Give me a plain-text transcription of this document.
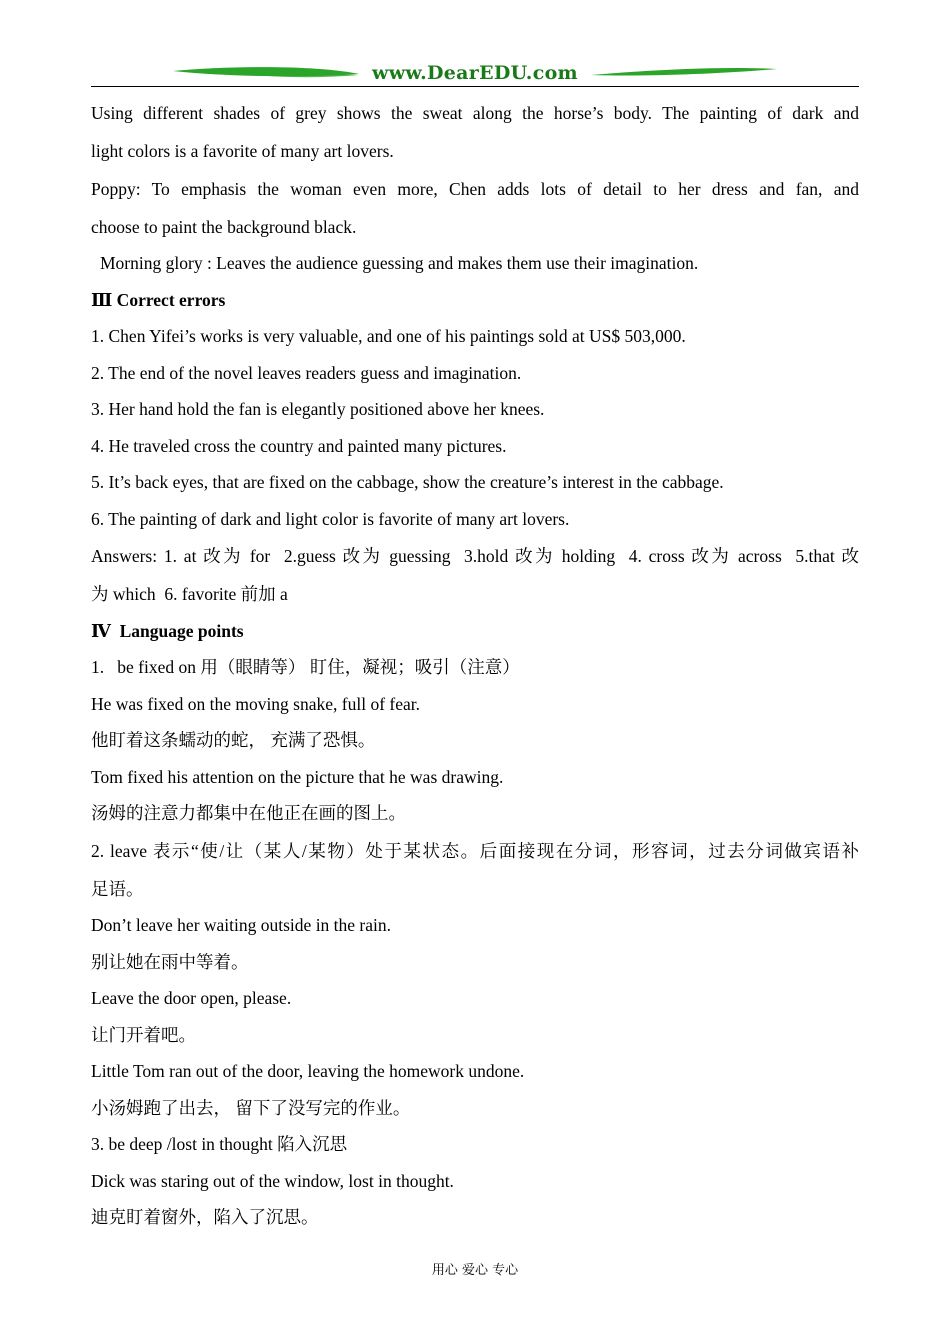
www.DearEDU.com

Using different shades of grey shows the sweat along the horse’s body. The painting of dark and

light colors is a favorite of many art lovers.

Poppy: To emphasis the woman even more, Chen adds lots of detail to her dress and fan, and

choose to paint the background black.

Morning glory : Leaves the audience guessing and makes them use their imagination.

Ⅲ Correct errors

1. Chen Yifei’s works is very valuable, and one of his paintings sold at US$ 503,000.

2. The end of the novel leaves readers guess and imagination.

3. Her hand hold the fan is elegantly positioned above her knees.

4. He traveled cross the country and painted many pictures.

5. It’s back eyes, that are fixed on the cabbage, show the creature’s interest in the cabbage.

6. The painting of dark and light color is favorite of many art lovers.

Answers: 1. at 改为 for  2.guess 改为 guessing  3.hold 改为 holding  4. cross 改为 across  5.that 改

为 which  6. favorite 前加 a

Ⅳ  Language points

1.   be fixed on 用（眼睛等） 盯住，凝视；吸引（注意）

He was fixed on the moving snake, full of fear.

他盯着这条蠕动的蛇， 充满了恐惧。

Tom fixed his attention on the picture that he was drawing.

汤姆的注意力都集中在他正在画的图上。

2. leave 表示“使/让（某人/某物）处于某状态。后面接现在分词，形容词，过去分词做宾语补

足语。

Don’t leave her waiting outside in the rain.

别让她在雨中等着。

Leave the door open, please.

让门开着吧。

Little Tom ran out of the door, leaving the homework undone.

小汤姆跑了出去， 留下了没写完的作业。

3. be deep /lost in thought 陷入沉思

Dick was staring out of the window, lost in thought.

迪克盯着窗外，陷入了沉思。

用心 爱心 专心
